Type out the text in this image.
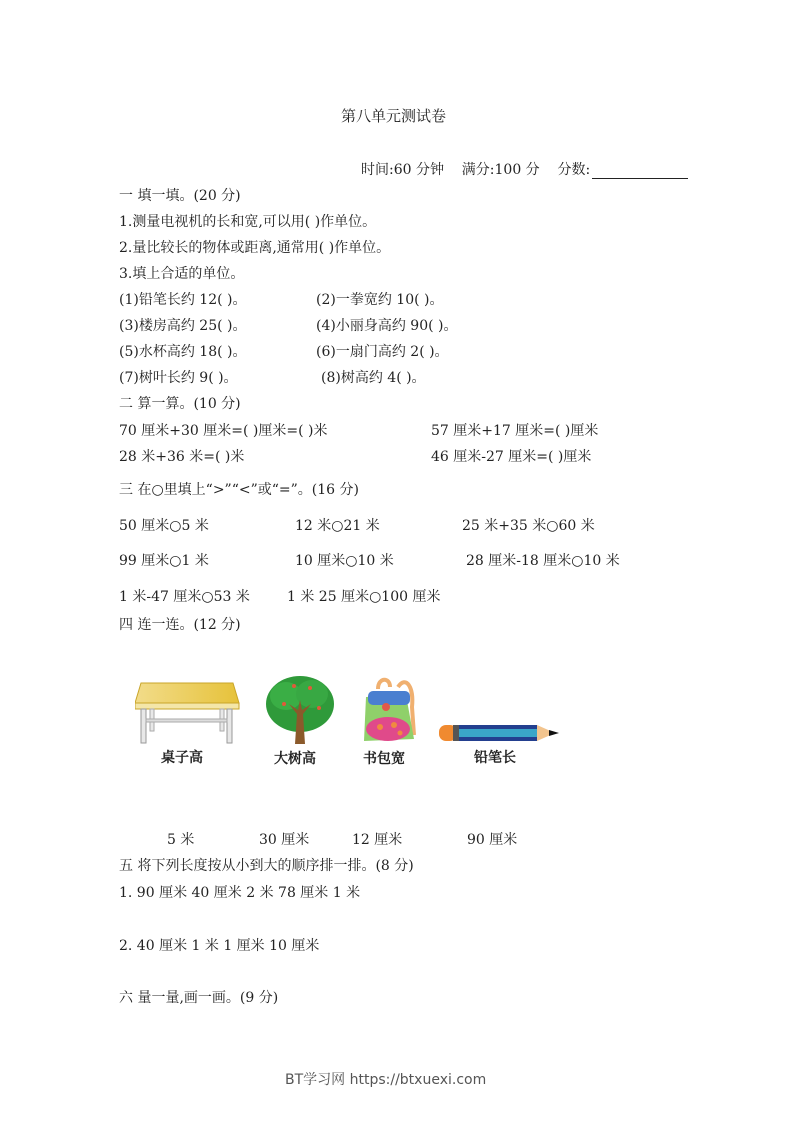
第八单元测试卷
时间:60 分钟 满分:100 分 分数:
一 填一填。(20 分)
1.测量电视机的长和宽,可以用( )作单位。
2.量比较长的物体或距离,通常用( )作单位。
3.填上合适的单位。
(1)铅笔长约 12( )。	(2)一拳宽约 10( )。
(3)楼房高约 25( )。	(4)小丽身高约 90( )。
(5)水杯高约 18( )。	(6)一扇门高约 2( )。
(7)树叶长约 9( )。	(8)树高约 4( )。
二 算一算。(10 分)
70 厘米+30 厘米=( )厘米=( )米	57 厘米+17 厘米=( )厘米
28 米+36 米=( )米	46 厘米-27 厘米=( )厘米
三 在○里填上“>”“<”或“=”。(16 分)
50 厘米○5 米	12 米○21 米	25 米+35 米○60 米
99 厘米○1 米	10 厘米○10 米	28 厘米-18 厘米○10 米
1 米-47 厘米○53 米	1 米 25 厘米○100 厘米
四 连一连。(12 分)
桌子高	大树高	书包宽	铅笔长
5 米	30 厘米	12 厘米	90 厘米
五 将下列长度按从小到大的顺序排一排。(8 分)
1. 90 厘米 40 厘米 2 米 78 厘米 1 米
2. 40 厘米 1 米 1 厘米 10 厘米
六 量一量,画一画。(9 分)
BT学习网 https://btxuexi.com
